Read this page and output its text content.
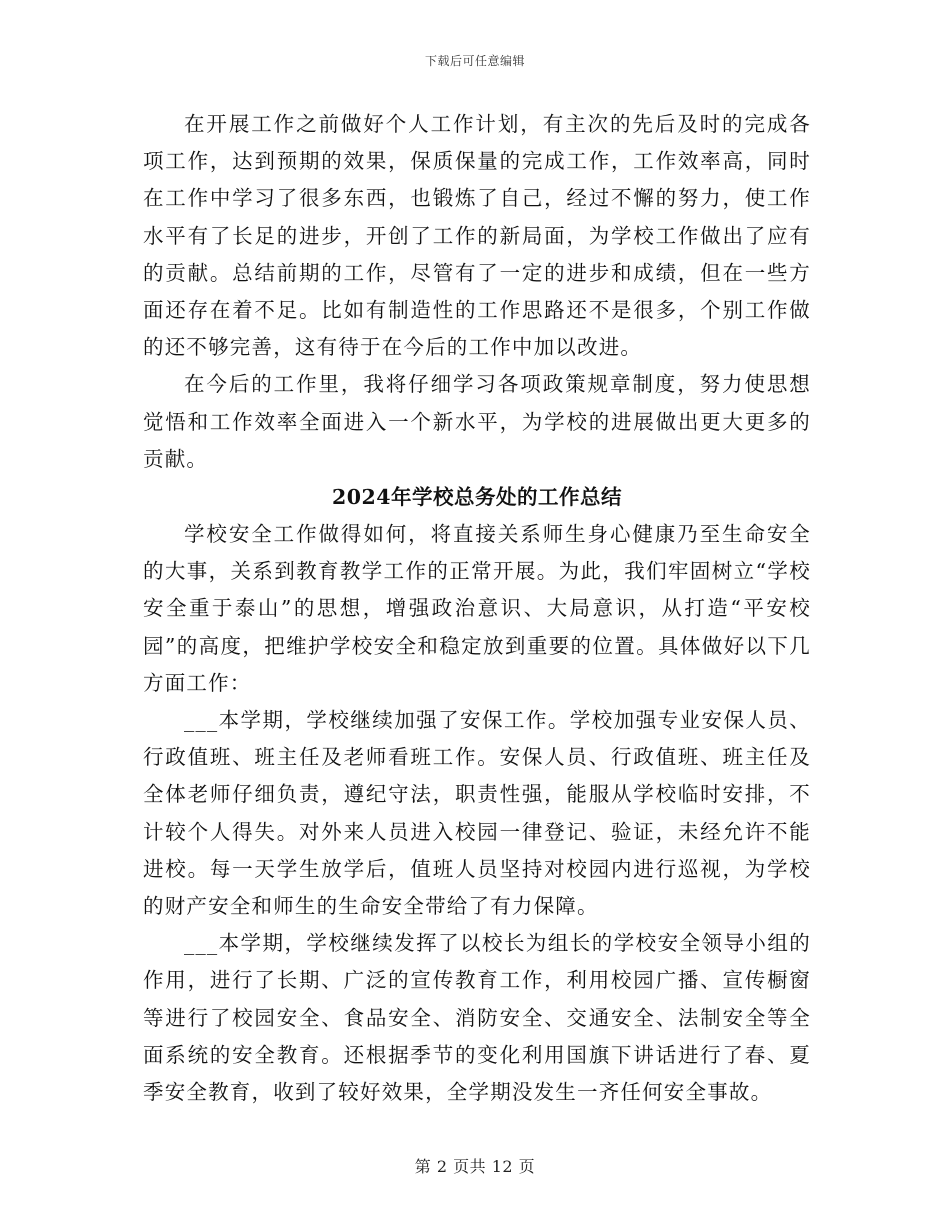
下载后可任意编辑

在开展工作之前做好个人工作计划，有主次的先后及时的完成各项工作，达到预期的效果，保质保量的完成工作，工作效率高，同时在工作中学习了很多东西，也锻炼了自己，经过不懈的努力，使工作水平有了长足的进步，开创了工作的新局面，为学校工作做出了应有的贡献。总结前期的工作，尽管有了一定的进步和成绩，但在一些方面还存在着不足。比如有制造性的工作思路还不是很多，个别工作做的还不够完善，这有待于在今后的工作中加以改进。

在今后的工作里，我将仔细学习各项政策规章制度，努力使思想觉悟和工作效率全面进入一个新水平，为学校的进展做出更大更多的贡献。

2024年学校总务处的工作总结

学校安全工作做得如何，将直接关系师生身心健康乃至生命安全的大事，关系到教育教学工作的正常开展。为此，我们牢固树立“学校安全重于泰山”的思想，增强政治意识、大局意识，从打造“平安校园”的高度，把维护学校安全和稳定放到重要的位置。具体做好以下几方面工作：

___本学期，学校继续加强了安保工作。学校加强专业安保人员、行政值班、班主任及老师看班工作。安保人员、行政值班、班主任及全体老师仔细负责，遵纪守法，职责性强，能服从学校临时安排，不计较个人得失。对外来人员进入校园一律登记、验证，未经允许不能进校。每一天学生放学后，值班人员坚持对校园内进行巡视，为学校的财产安全和师生的生命安全带给了有力保障。

___本学期，学校继续发挥了以校长为组长的学校安全领导小组的作用，进行了长期、广泛的宣传教育工作，利用校园广播、宣传橱窗等进行了校园安全、食品安全、消防安全、交通安全、法制安全等全面系统的安全教育。还根据季节的变化利用国旗下讲话进行了春、夏季安全教育，收到了较好效果，全学期没发生一齐任何安全事故。

第 2 页共 12 页
